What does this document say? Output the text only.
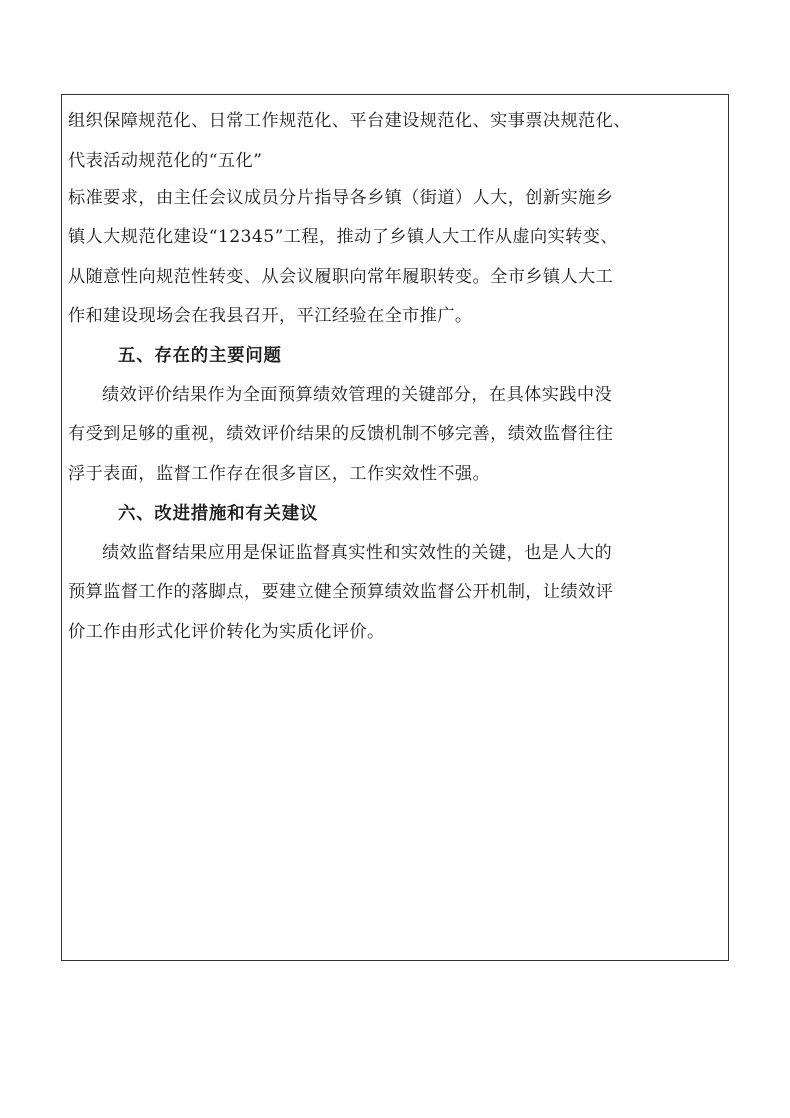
组织保障规范化、日常工作规范化、平台建设规范化、实事票决规范化、
代表活动规范化的“五化”
标准要求，由主任会议成员分片指导各乡镇（街道）人大，创新实施乡
镇人大规范化建设“12345”工程，推动了乡镇人大工作从虚向实转变、
从随意性向规范性转变、从会议履职向常年履职转变。全市乡镇人大工
作和建设现场会在我县召开，平江经验在全市推广。
五、存在的主要问题
绩效评价结果作为全面预算绩效管理的关键部分，在具体实践中没
有受到足够的重视，绩效评价结果的反馈机制不够完善，绩效监督往往
浮于表面，监督工作存在很多盲区，工作实效性不强。
六、改进措施和有关建议
绩效监督结果应用是保证监督真实性和实效性的关键，也是人大的
预算监督工作的落脚点，要建立健全预算绩效监督公开机制，让绩效评
价工作由形式化评价转化为实质化评价。
